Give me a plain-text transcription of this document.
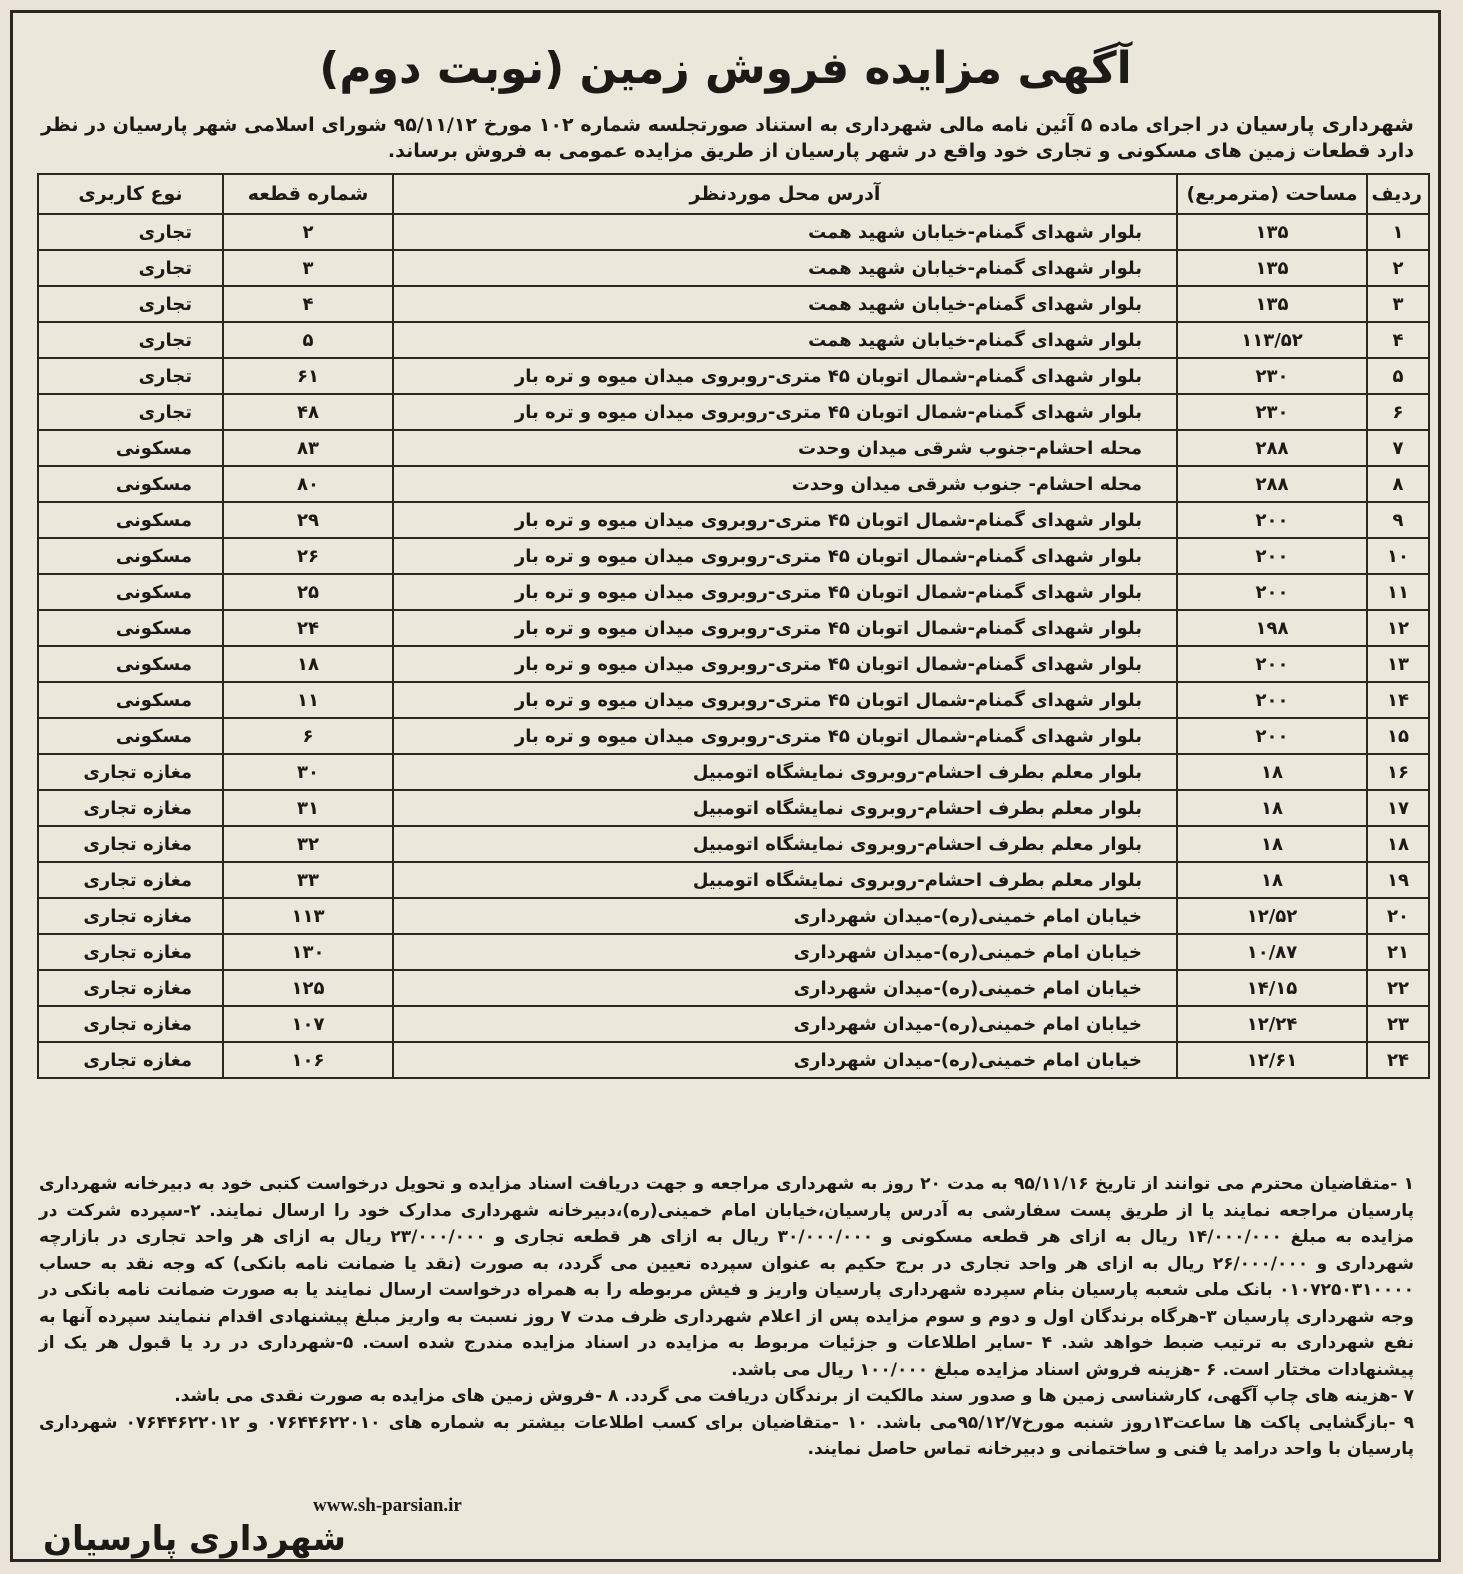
آگهی مزایده فروش زمین (نوبت دوم)
شهرداری پارسیان در اجرای ماده ۵ آئین نامه مالی شهرداری به استناد صورتجلسه شماره ۱۰۲ مورخ ۹۵/۱۱/۱۲ شورای اسلامی شهر پارسیان در نظر دارد قطعات زمین های مسکونی و تجاری خود واقع در شهر پارسیان از طریق مزایده عمومی به فروش برساند.
ردیف	مساحت (مترمربع)	آدرس محل موردنظر	شماره قطعه	نوع کاربری
۱	۱۳۵	بلوار شهدای گمنام-خیابان شهید همت	۲	تجاری
۲	۱۳۵	بلوار شهدای گمنام-خیابان شهید همت	۳	تجاری
۳	۱۳۵	بلوار شهدای گمنام-خیابان شهید همت	۴	تجاری
۴	۱۱۳/۵۲	بلوار شهدای گمنام-خیابان شهید همت	۵	تجاری
۵	۲۳۰	بلوار شهدای گمنام-شمال اتوبان ۴۵ متری-روبروی میدان میوه و تره بار	۶۱	تجاری
۶	۲۳۰	بلوار شهدای گمنام-شمال اتوبان ۴۵ متری-روبروی میدان میوه و تره بار	۴۸	تجاری
۷	۲۸۸	محله احشام-جنوب شرقی میدان وحدت	۸۳	مسکونی
۸	۲۸۸	محله احشام- جنوب شرقی میدان وحدت	۸۰	مسکونی
۹	۲۰۰	بلوار شهدای گمنام-شمال اتوبان ۴۵ متری-روبروی میدان میوه و تره بار	۲۹	مسکونی
۱۰	۲۰۰	بلوار شهدای گمنام-شمال اتوبان ۴۵ متری-روبروی میدان میوه و تره بار	۲۶	مسکونی
۱۱	۲۰۰	بلوار شهدای گمنام-شمال اتوبان ۴۵ متری-روبروی میدان میوه و تره بار	۲۵	مسکونی
۱۲	۱۹۸	بلوار شهدای گمنام-شمال اتوبان ۴۵ متری-روبروی میدان میوه و تره بار	۲۴	مسکونی
۱۳	۲۰۰	بلوار شهدای گمنام-شمال اتوبان ۴۵ متری-روبروی میدان میوه و تره بار	۱۸	مسکونی
۱۴	۲۰۰	بلوار شهدای گمنام-شمال اتوبان ۴۵ متری-روبروی میدان میوه و تره بار	۱۱	مسکونی
۱۵	۲۰۰	بلوار شهدای گمنام-شمال اتوبان ۴۵ متری-روبروی میدان میوه و تره بار	۶	مسکونی
۱۶	۱۸	بلوار معلم بطرف احشام-روبروی نمایشگاه اتومبیل	۳۰	مغازه تجاری
۱۷	۱۸	بلوار معلم بطرف احشام-روبروی نمایشگاه اتومبیل	۳۱	مغازه تجاری
۱۸	۱۸	بلوار معلم بطرف احشام-روبروی نمایشگاه اتومبیل	۳۲	مغازه تجاری
۱۹	۱۸	بلوار معلم بطرف احشام-روبروی نمایشگاه اتومبیل	۳۳	مغازه تجاری
۲۰	۱۲/۵۲	خیابان امام خمینی(ره)-میدان شهرداری	۱۱۳	مغازه تجاری
۲۱	۱۰/۸۷	خیابان امام خمینی(ره)-میدان شهرداری	۱۳۰	مغازه تجاری
۲۲	۱۴/۱۵	خیابان امام خمینی(ره)-میدان شهرداری	۱۲۵	مغازه تجاری
۲۳	۱۲/۲۴	خیابان امام خمینی(ره)-میدان شهرداری	۱۰۷	مغازه تجاری
۲۴	۱۲/۶۱	خیابان امام خمینی(ره)-میدان شهرداری	۱۰۶	مغازه تجاری

۱ -متقاضیان محترم می توانند از تاریخ ۹۵/۱۱/۱۶ به مدت ۲۰ روز به شهرداری مراجعه و جهت دریافت اسناد مزایده و تحویل درخواست کتبی خود به دبیرخانه شهرداری پارسیان مراجعه نمایند یا از طریق پست سفارشی به آدرس پارسیان،خیابان امام خمینی(ره)،دبیرخانه شهرداری مدارک خود را ارسال نمایند. ۲-سپرده شرکت در مزایده به مبلغ ۱۴/۰۰۰/۰۰۰ ریال به ازای هر قطعه مسکونی و ۳۰/۰۰۰/۰۰۰ ریال به ازای هر قطعه تجاری و ۲۳/۰۰۰/۰۰۰ ریال به ازای هر واحد تجاری در بازارچه شهرداری و ۲۶/۰۰۰/۰۰۰ ریال به ازای هر واحد تجاری در برج حکیم به عنوان سپرده تعیین می گردد، به صورت (نقد یا ضمانت نامه بانکی) که وجه نقد به حساب ۰۱۰۷۲۵۰۳۱۰۰۰۰ بانک ملی شعبه پارسیان بنام سپرده شهرداری پارسیان واریز و فیش مربوطه را به همراه درخواست ارسال نمایند یا به صورت ضمانت نامه بانکی در وجه شهرداری پارسیان ۳-هرگاه برندگان اول و دوم و سوم مزایده پس از اعلام شهرداری ظرف مدت ۷ روز نسبت به واریز مبلغ پیشنهادی اقدام ننمایند سپرده آنها به نفع شهرداری به ترتیب ضبط خواهد شد. ۴ -سایر اطلاعات و جزئیات مربوط به مزایده در اسناد مزایده مندرج شده است. ۵-شهرداری در رد یا قبول هر یک از پیشنهادات مختار است. ۶ -هزینه فروش اسناد مزایده مبلغ ۱۰۰/۰۰۰ ریال می باشد.

۷ -هزینه های چاپ آگهی، کارشناسی زمین ها و صدور سند مالکیت از برندگان دریافت می گردد. ۸ -فروش زمین های مزایده به صورت نقدی می باشد.

۹ -بازگشایی پاکت ها ساعت۱۳روز شنبه مورخ۹۵/۱۲/۷می باشد. ۱۰ -متقاضیان برای کسب اطلاعات بیشتر به شماره های ۰۷۶۴۴۶۲۲۰۱۰ و ۰۷۶۴۴۶۲۲۰۱۲ شهرداری پارسیان با واحد درامد یا فنی و ساختمانی و دبیرخانه تماس حاصل نمایند.

www.sh-parsian.ir
شهرداری پارسیان
